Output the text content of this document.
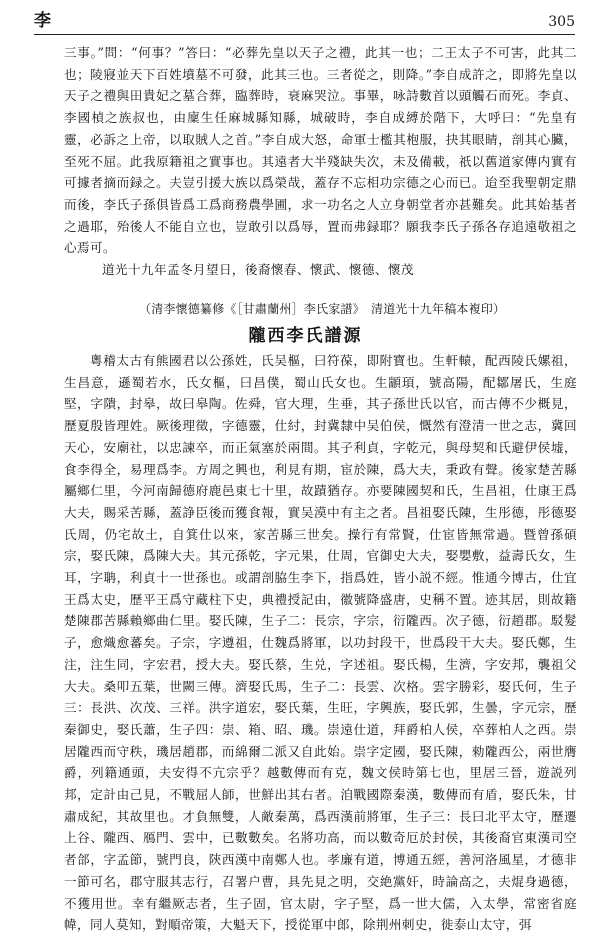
李	305
三事。”問：“何事？”答曰：“必葬先皇以天子之禮，此其一也；二王太子不可害，此其二也；陵寢並天下百姓墳墓不可發，此其三也。三者從之，則降。”李自成許之，即將先皇以天子之禮與田貴妃之墓合葬，臨葬時，衰麻哭泣。事畢，咏詩數首以頭觸石而死。李貞、李國楨之族叔也，由廩生任麻城縣知縣，城破時，李自成縛於階下，大呼曰：“先皇有靈，必訴之上帝，以取賊人之首。”李自成大怒，命軍士檻其枹服，抉其眼睛，剖其心臟，至死不屈。此我原籍祖之實事也。其遠者大半殘缺失次，未及備載，祇以舊道家傳内實有可據者摘而録之。夫豈引援大族以爲榮哉，蓋存不忘相功宗德之心而已。迨至我聖朝定鼎而後，李氏子孫俱皆爲工爲商務農學圃，求一功名之人立身朝堂者亦甚難矣。此其始基者之過耶，殆後人不能自立也，豈敢引以爲辱，置而弗録耶？願我李氏子孫各存追遠敬祖之心焉可。
道光十九年孟冬月望日，後裔懷春、懷武、懷德、懷茂
（清李懷德纂修《［甘肅蘭州］李氏家譜》　清道光十九年稿本複印）
隴西李氏譜源
粵稽太古有熊國君以公孫姓，氏吴樞，曰符葆，即附寶也。生軒轅，配西陵氏嫘祖，生昌意，遜蜀若水，氏女樞，曰昌僕，蜀山氏女也。生顓頊，號高陽，配鄒屠氏，生庭堅，字隤，封皋，故曰皋陶。佐舜，官大理，生垂，其子孫世氏以官，而古傳不少概見，歷夏殷皆理姓。厥後理徵，字德靈，仕紂，封冀隸中吴伯侯，慨然有澄清一世之志，冀回天心，安廟社，以忠諫卒，而正氣塞於兩間。其子利貞，字乾元，與母契和氏避伊侯墟，食李得全，易理爲李。方周之興也，利見有期，宦於陳，爲大夫，秉政有聲。後家楚苦縣屬鄉仁里，今河南歸德府鹿邑東七十里，故蹟猶存。亦要陳國契和氏，生昌祖，仕康王爲大夫，賜采苦縣，蓋諍臣後而獲食報，實吴漠中有主之者。昌祖娶氏陳，生彤德，彤德娶氏周，仍宅故土，自箕仕以來，家苦縣三世矣。操行有常賢，仕宦皆無常過。暨曾孫碩宗，娶氏陳，爲陳大夫。其元孫乾，字元果，仕周，官御史大夫，娶嬰敷，益壽氏女，生耳，字聃，利貞十一世孫也。或謂剖脇生李下，指爲姓，皆小説不經。惟通今博古，仕宜王爲太史，歷平王爲守藏柱下史，典禮授記由，徽號降盛唐，史稱不置。迹其居，則故籍楚陳郡苦縣賴鄉曲仁里。娶氏陳，生子二：長宗，字宗，衍隴西。次子德，衍趙郡。駁髮子，愈熾愈蕃矣。子宗，字遵祖，仕魏爲將軍，以功封段干，世爲段干大夫。娶氏鄭，生注，注生同，字宏君，授大夫。娶氏蔡，生兑，字述祖。娶氏楊，生濟，字安邦，襲祖父大夫。桑叩五葉，世闕三傳。濟娶氏馬，生子二：長雲、次格。雲字勝彩，娶氏何，生子三：長洪、次茂、三祥。洪字道宏，娶氏葉，生旺，字興族，娶氏郭，生曇，字元宗，歷秦御史，娶氏蕭，生子四：崇、箱、昭、璣。崇遠仕道，拜爵柏人侯，卒葬柏人之西。崇居隴西而守秩，璣居趙郡，而綿爾二派又自此始。崇字定國，娶氏陳，勑隴西公，兩世膺爵，列籍通頭，夫安得不亢宗乎？越數傳而有克，魏文侯時第七也，里居三晉，遊説列邦，定計由己見，不戰屈人師，世鮮出其右者。洎戰國際秦漢，數傳而有盾，娶氏朱，甘肅成紀，其故里也。才負無雙，人敵秦萬，爲西漢前將軍，生子三：長曰北平太守，歷遷上谷、隴西、鴈門、雲中，已數數矣。名將功高，而以數奇厄於封侯，其後裔官東漢司空者郃，字孟節，號門良，陝西漢中南鄭人也。孝廉有道，博通五經，善河洛風星，才德非一節可名，郡守服其志行，召署户曹，具先見之明，交絶黨奸，時論高之，夫焜身過德，不獲用世。幸有繼厥志者，生子固，官太尉，字子堅，爲一世大儒，入太學，常密省庭幃，同人莫知，對順帝策，大魁天下，授從軍中郎，除荆州刺史，徙泰山太守，弭
